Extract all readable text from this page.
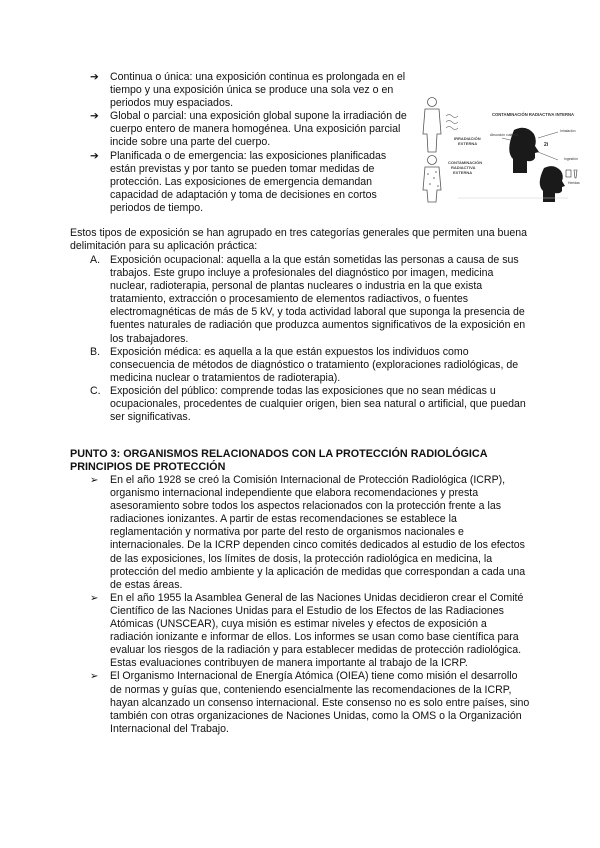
➔ Continua o única: una exposición continua es prolongada en el tiempo y una exposición única se produce una sola vez o en periodos muy espaciados.
➔ Global o parcial: una exposición global supone la irradiación de cuerpo entero de manera homogénea. Una exposición parcial incide sobre una parte del cuerpo.
➔ Planificada o de emergencia: las exposiciones planificadas están previstas y por tanto se pueden tomar medidas de protección. Las exposiciones de emergencia demandan capacidad de adaptación y toma de decisiones en cortos periodos de tiempo.
IRRADIACIÓN
EXTERNA
CONTAMINACIÓN
RADIACTIVA
EXTERNA
CONTAMINACIÓN RADIACTIVA INTERNA
Inhalación
Absorción cutánea
2i
Ingestión
Heridas

Estos tipos de exposición se han agrupado en tres categorías generales que permiten una buena delimitación para su aplicación práctica:

A. Exposición ocupacional: aquella a la que están sometidas las personas a causa de sus trabajos. Este grupo incluye a profesionales del diagnóstico por imagen, medicina nuclear, radioterapia, personal de plantas nucleares o industria en la que exista tratamiento, extracción o procesamiento de elementos radiactivos, o fuentes electromagnéticas de más de 5 kV, y toda actividad laboral que suponga la presencia de fuentes naturales de radiación que produzca aumentos significativos de la exposición en los trabajadores.
B. Exposición médica: es aquella a la que están expuestos los individuos como consecuencia de métodos de diagnóstico o tratamiento (exploraciones radiológicas, de medicina nuclear o tratamientos de radioterapia).
C. Exposición del público: comprende todas las exposiciones que no sean médicas u ocupacionales, procedentes de cualquier origen, bien sea natural o artificial, que puedan ser significativas.
PUNTO 3: ORGANISMOS RELACIONADOS CON LA PROTECCIÓN RADIOLÓGICA
PRINCIPIOS DE PROTECCIÓN
➢ En el año 1928 se creó la Comisión Internacional de Protección Radiológica (ICRP), organismo internacional independiente que elabora recomendaciones y presta asesoramiento sobre todos los aspectos relacionados con la protección frente a las radiaciones ionizantes. A partir de estas recomendaciones se establece la reglamentación y normativa por parte del resto de organismos nacionales e internacionales. De la ICRP dependen cinco comités dedicados al estudio de los efectos de las exposiciones, los límites de dosis, la protección radiológica en medicina, la protección del medio ambiente y la aplicación de medidas que correspondan a cada una de estas áreas.
➢ En el año 1955 la Asamblea General de las Naciones Unidas decidieron crear el Comité Científico de las Naciones Unidas para el Estudio de los Efectos de las Radiaciones Atómicas (UNSCEAR), cuya misión es estimar niveles y efectos de exposición a radiación ionizante e informar de ellos. Los informes se usan como base científica para evaluar los riesgos de la radiación y para establecer medidas de protección radiológica. Estas evaluaciones contribuyen de manera importante al trabajo de la ICRP.
➢ El Organismo Internacional de Energía Atómica (OIEA) tiene como misión el desarrollo de normas y guías que, conteniendo esencialmente las recomendaciones de la ICRP, hayan alcanzado un consenso internacional. Este consenso no es solo entre países, sino también con otras organizaciones de Naciones Unidas, como la OMS o la Organización Internacional del Trabajo.
